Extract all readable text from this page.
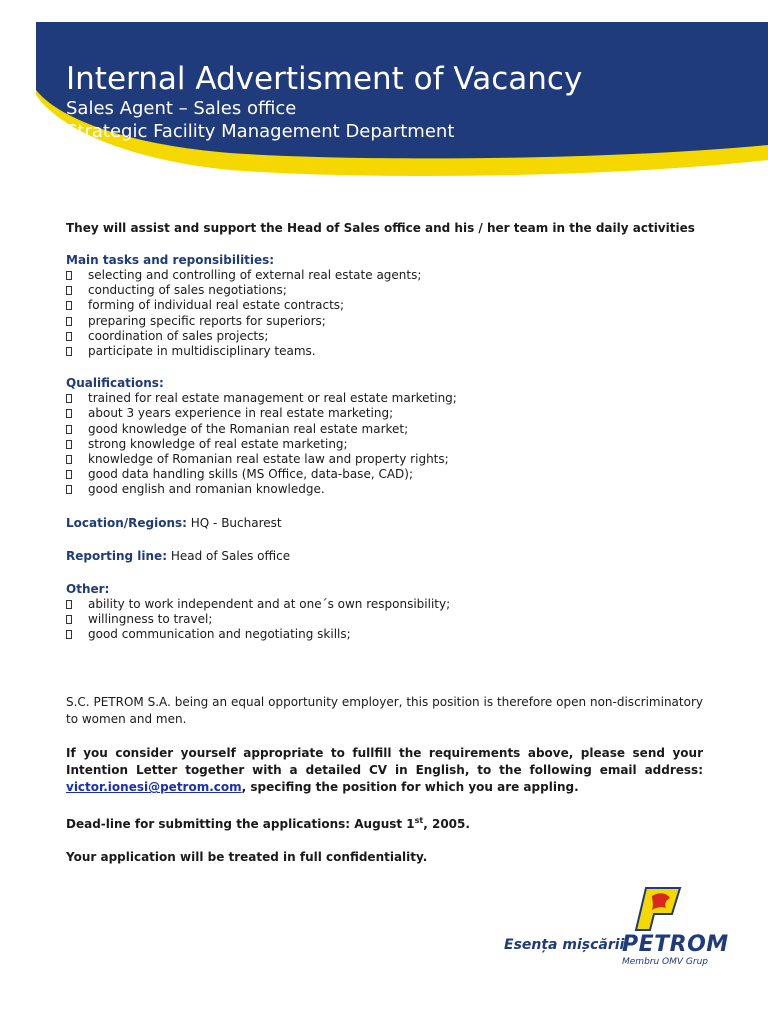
Internal Advertisment of Vacancy
Sales Agent – Sales office
Strategic Facility Management Department

They will assist and support the Head of Sales office and his / her team in the daily activities

Main tasks and reponsibilities:
selecting and controlling of external real estate agents;
conducting of sales negotiations;
forming of individual real estate contracts;
preparing specific reports for superiors;
coordination of sales projects;
participate in multidisciplinary teams.
Qualifications:
trained for real estate management or real estate marketing;
about 3 years experience in real estate marketing;
good knowledge of the Romanian real estate market;
strong knowledge of real estate marketing;
knowledge of Romanian real estate law and property rights;
good data handling skills (MS Office, data-base, CAD);
good english and romanian knowledge.
Location/Regions: HQ - Bucharest
Reporting line: Head of Sales office
Other:
ability to work independent and at one´s own responsibility;
willingness to travel;
good communication and negotiating skills;

S.C. PETROM S.A. being an equal opportunity employer, this position is therefore open non-discriminatory to women and men.

If you consider yourself appropriate to fullfill the requirements above, please send your Intention Letter together with a detailed CV in English, to the following email address: victor.ionesi@petrom.com, specifing the position for which you are appling.

Dead-line for submitting the applications: August 1st, 2005.

Your application will be treated in full confidentiality.

Esența mișcării
PETROM
Membru OMV Grup
